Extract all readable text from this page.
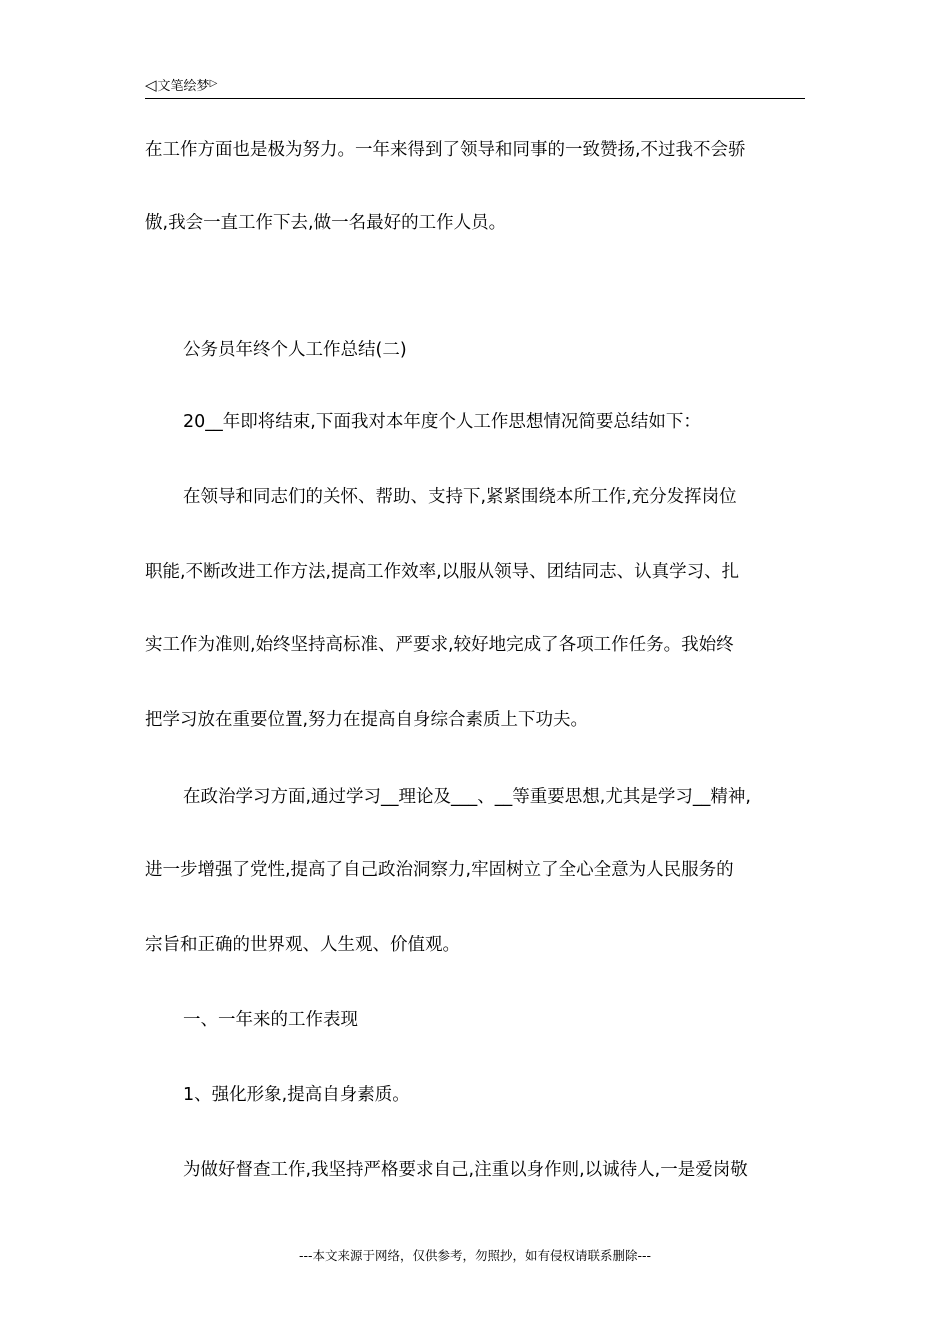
◁文笔绘梦▷
在工作方面也是极为努力。一年来得到了领导和同事的一致赞扬,不过我不会骄
傲,我会一直工作下去,做一名最好的工作人员。
公务员年终个人工作总结(二)
20__年即将结束,下面我对本年度个人工作思想情况简要总结如下：
在领导和同志们的关怀、帮助、支持下,紧紧围绕本所工作,充分发挥岗位
职能,不断改进工作方法,提高工作效率,以服从领导、团结同志、认真学习、扎
实工作为准则,始终坚持高标准、严要求,较好地完成了各项工作任务。我始终
把学习放在重要位置,努力在提高自身综合素质上下功夫。
在政治学习方面,通过学习__理论及___、__等重要思想,尤其是学习__精神,
进一步增强了党性,提高了自己政治洞察力,牢固树立了全心全意为人民服务的
宗旨和正确的世界观、人生观、价值观。
一、一年来的工作表现
1、强化形象,提高自身素质。
为做好督查工作,我坚持严格要求自己,注重以身作则,以诚待人,一是爱岗敬
---本文来源于网络，仅供参考，勿照抄，如有侵权请联系删除---
